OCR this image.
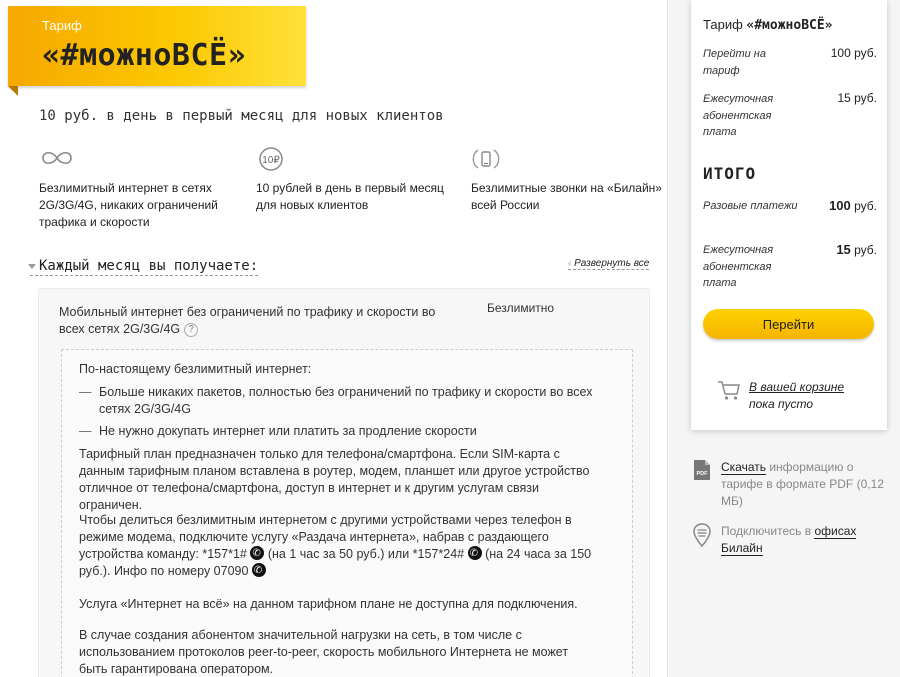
Тариф
«#можноВСЁ»
10 руб. в день в первый месяц для новых клиентов
Безлимитный интернет в сетях 2G/3G/4G, никаких ограничений трафика и скорости
10₽
10 рублей в день в первый месяц для новых клиентов
Безлимитные звонки на «Билайн» всей России
Каждый месяц вы получаете:
‹	Развернуть все
Мобильный интернет без ограничений по трафику и скорости во всех сетях 2G/3G/4G ?
Безлимитно
По-настоящему безлимитный интернет:
— Больше никаких пакетов, полностью без ограничений по трафику и скорости во всех сетях 2G/3G/4G
— Не нужно докупать интернет или платить за продление скорости
Тарифный план предназначен только для телефона/смартфона. Если SIM-карта с данным тарифным планом вставлена в роутер, модем, планшет или другое устройство отличное от телефона/смартфона, доступ в интернет и к другим услугам связи ограничен.
Чтобы делиться безлимитным интернетом с другими устройствами через телефон в режиме модема, подключите услугу «Раздача интернета», набрав с раздающего устройства команду: *157*1# ✆ (на 1 час за 50 руб.) или *157*24# ✆ (на 24 часа за 150 руб.). Инфо по номеру 07090 ✆
Услуга «Интернет на всё» на данном тарифном плане не доступна для подключения.
В случае создания абонентом значительной нагрузки на сеть, в том числе с использованием протоколов peer-to-peer, скорость мобильного Интернета не может быть гарантирована оператором.
Тариф «#можноВСЁ»
Перейти на тариф
100 руб.
Ежесуточная абонентская плата
15 руб.
ИТОГО
Разовые платежи	100 руб.
Ежесуточная абонентская плата
15 руб.
Перейти
В вашей корзине
пока пусто
PDF Скачать информацию о тарифе в формате PDF (0,12 МБ)
Подключитесь в офисах Билайн
